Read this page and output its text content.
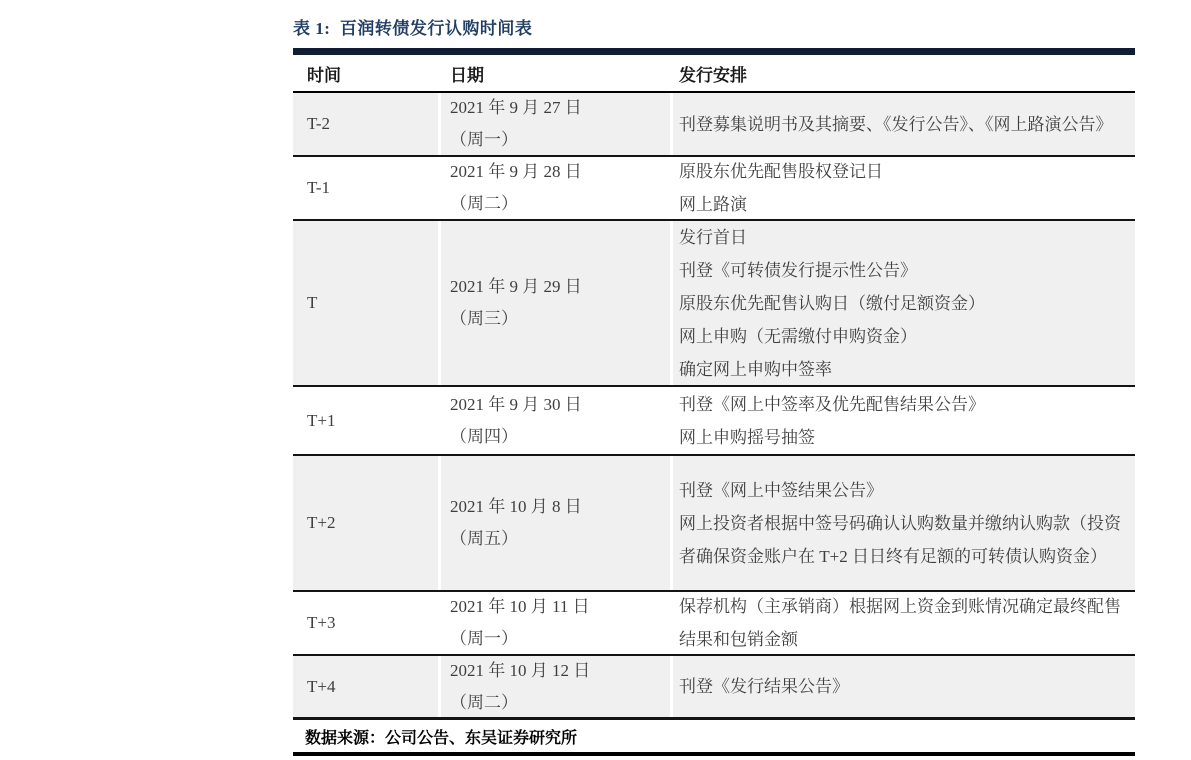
表 1:  百润转债发行认购时间表
时间	日期	发行安排
T-2
2021 年 9 月 27 日
（周一）
刊登募集说明书及其摘要、《发行公告》、《网上路演公告》
T-1
2021 年 9 月 28 日
（周二）
原股东优先配售股权登记日
网上路演
T
2021 年 9 月 29 日
（周三）
发行首日
刊登《可转债发行提示性公告》
原股东优先配售认购日（缴付足额资金）
网上申购（无需缴付申购资金）
确定网上申购中签率
T+1
2021 年 9 月 30 日
（周四）
刊登《网上中签率及优先配售结果公告》
网上申购摇号抽签
T+2
2021 年 10 月 8 日
（周五）
刊登《网上中签结果公告》
网上投资者根据中签号码确认认购数量并缴纳认购款（投资者确保资金账户在 T+2 日日终有足额的可转债认购资金）
T+3
2021 年 10 月 11 日
（周一）
保荐机构（主承销商）根据网上资金到账情况确定最终配售结果和包销金额
T+4
2021 年 10 月 12 日
（周二）
刊登《发行结果公告》
数据来源：公司公告、东吴证券研究所
